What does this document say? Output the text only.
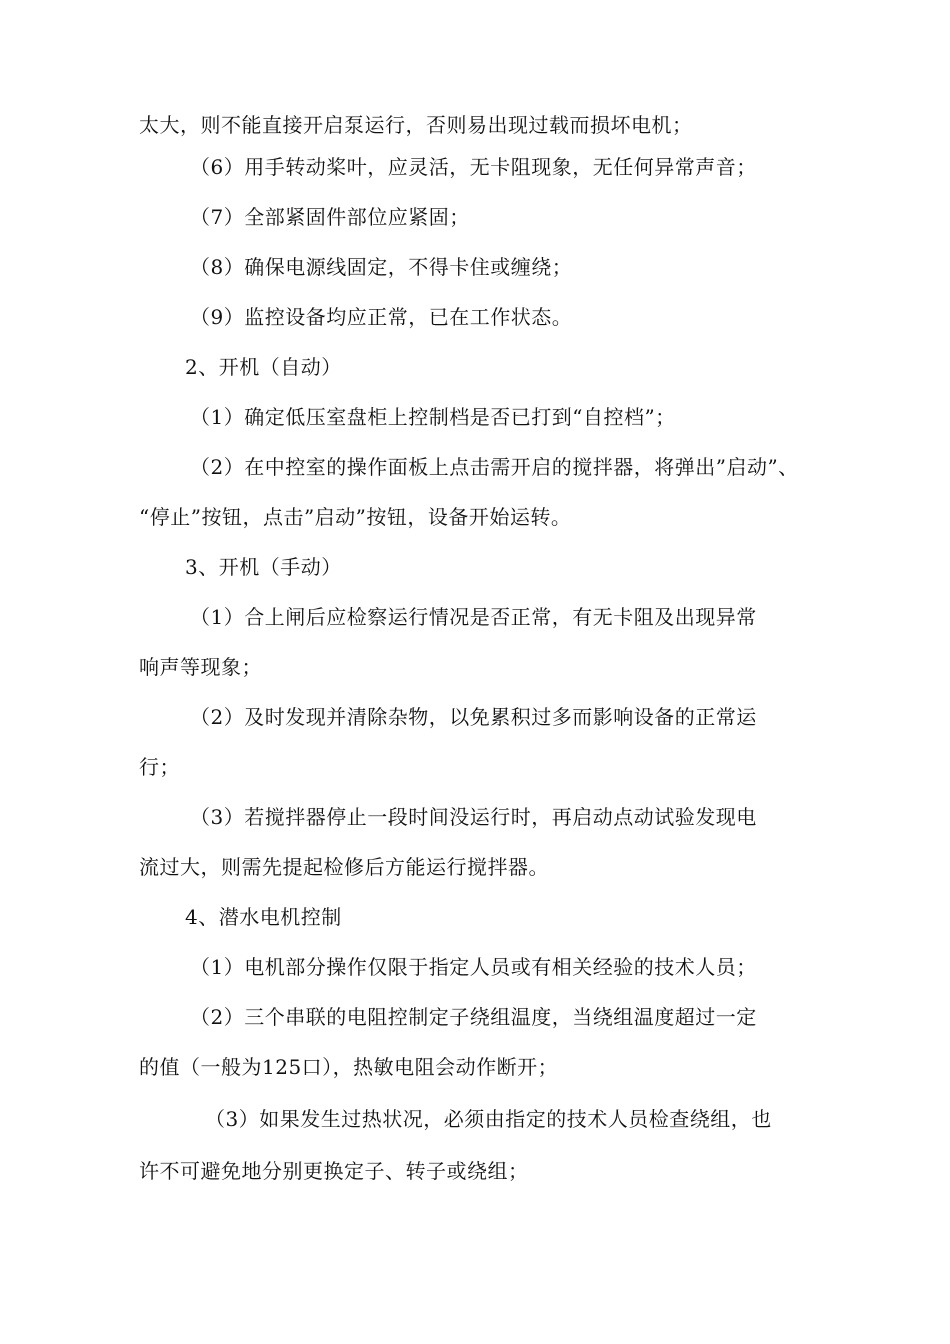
太大，则不能直接开启泵运行，否则易出现过载而损坏电机；
（6）用手转动桨叶，应灵活，无卡阻现象，无任何异常声音；
（7）全部紧固件部位应紧固；
（8）确保电源线固定，不得卡住或缠绕；
（9）监控设备均应正常，已在工作状态。
2、开机（自动）
（1）确定低压室盘柜上控制档是否已打到“自控档”；
（2）在中控室的操作面板上点击需开启的搅拌器，将弹出”启动”、
“停止”按钮，点击”启动”按钮，设备开始运转。
3、开机（手动）
（1）合上闸后应检察运行情况是否正常，有无卡阻及出现异常
响声等现象；
（2）及时发现并清除杂物，以免累积过多而影响设备的正常运
行；
（3）若搅拌器停止一段时间没运行时，再启动点动试验发现电
流过大，则需先提起检修后方能运行搅拌器。
4、潜水电机控制
（1）电机部分操作仅限于指定人员或有相关经验的技术人员；
（2）三个串联的电阻控制定子绕组温度，当绕组温度超过一定
的值（一般为125口），热敏电阻会动作断开；
（3）如果发生过热状况，必须由指定的技术人员检查绕组，也
许不可避免地分别更换定子、转子或绕组；
